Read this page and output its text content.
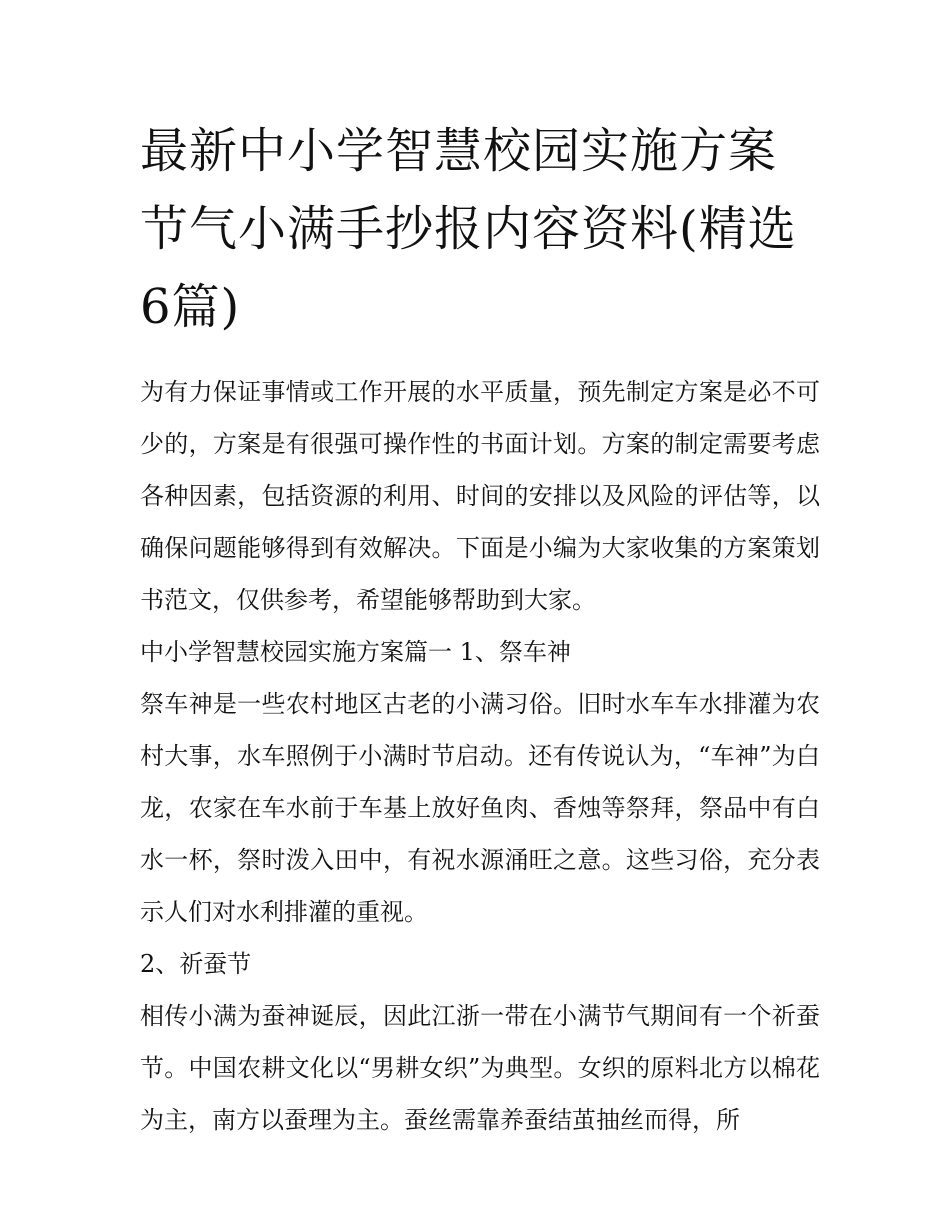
最新中小学智慧校园实施方案节气小满手抄报内容资料(精选6篇)

为有力保证事情或工作开展的水平质量，预先制定方案是必不可少的，方案是有很强可操作性的书面计划。方案的制定需要考虑各种因素，包括资源的利用、时间的安排以及风险的评估等，以确保问题能够得到有效解决。下面是小编为大家收集的方案策划书范文，仅供参考，希望能够帮助到大家。

中小学智慧校园实施方案篇一 1、祭车神

祭车神是一些农村地区古老的小满习俗。旧时水车车水排灌为农村大事，水车照例于小满时节启动。还有传说认为，“车神”为白龙，农家在车水前于车基上放好鱼肉、香烛等祭拜，祭品中有白水一杯，祭时泼入田中，有祝水源涌旺之意。这些习俗，充分表示人们对水利排灌的重视。

2、祈蚕节

相传小满为蚕神诞辰，因此江浙一带在小满节气期间有一个祈蚕节。中国农耕文化以“男耕女织”为典型。女织的原料北方以棉花为主，南方以蚕理为主。蚕丝需靠养蚕结茧抽丝而得，所
